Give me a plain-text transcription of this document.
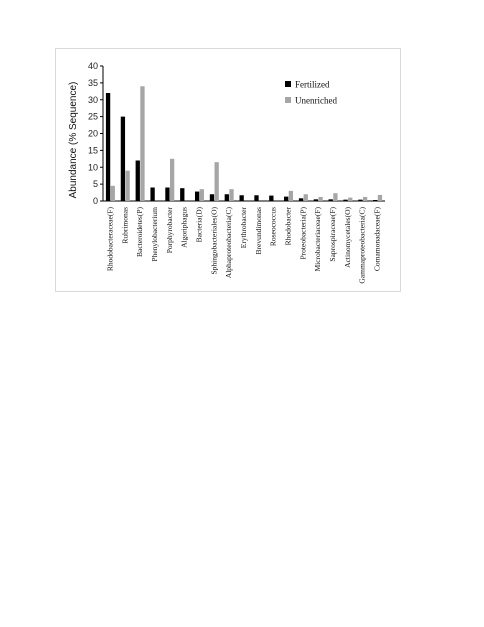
Abundance (% Sequence)
0
5
10
15
20
25
30
35
40
Rhodobacteraceae(F) Rubrimonas Bacteroidetes(P) Phenylobacterium Porphyrobacter Algoriphagus Bacteria(D) Sphingobacteriales(O) Alphaproteobacteria(C) Erythrobacter Brevundimonas Roseococcus Rhodobacter Proteobacteria(P) Microbacteriaceae(F) Saprospiraceae(F) Actinomycetales(O) Gammaproteobacteria(C) Comamonadaceae(F)
Fertilized
Unenriched
